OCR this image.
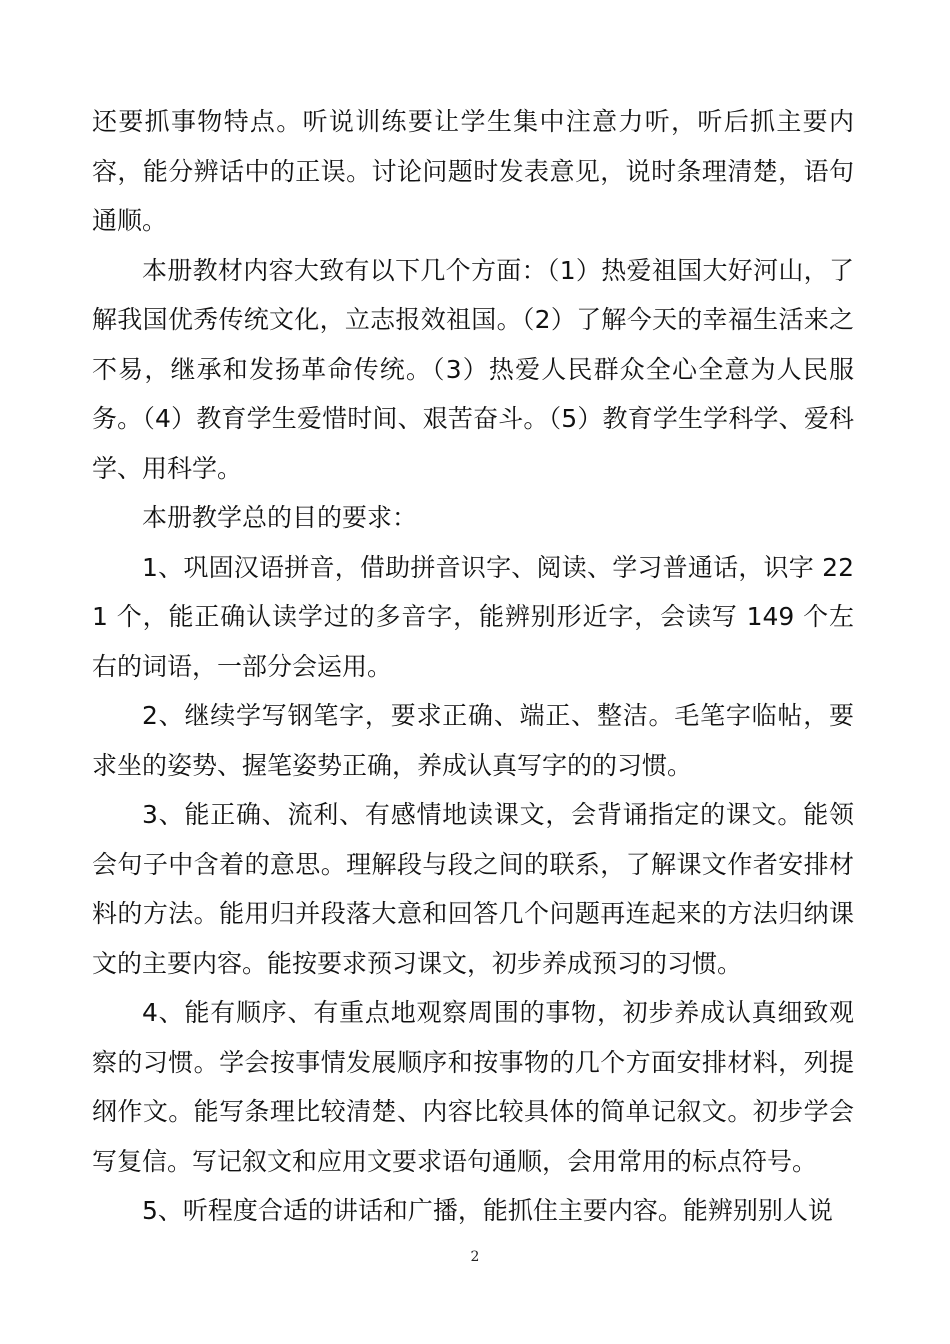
还要抓事物特点。听说训练要让学生集中注意力听，听后抓主要内容，能分辨话中的正误。讨论问题时发表意见，说时条理清楚，语句通顺。

本册教材内容大致有以下几个方面：（1）热爱祖国大好河山，了解我国优秀传统文化，立志报效祖国。（2）了解今天的幸福生活来之不易，继承和发扬革命传统。（3）热爱人民群众全心全意为人民服务。（4）教育学生爱惜时间、艰苦奋斗。（5）教育学生学科学、爱科学、用科学。

本册教学总的目的要求：

1、巩固汉语拼音，借助拼音识字、阅读、学习普通话，识字 221 个，能正确认读学过的多音字，能辨别形近字，会读写 149 个左右的词语，一部分会运用。

2、继续学写钢笔字，要求正确、端正、整洁。毛笔字临帖，要求坐的姿势、握笔姿势正确，养成认真写字的的习惯。

3、能正确、流利、有感情地读课文，会背诵指定的课文。能领会句子中含着的意思。理解段与段之间的联系，了解课文作者安排材料的方法。能用归并段落大意和回答几个问题再连起来的方法归纳课文的主要内容。能按要求预习课文，初步养成预习的习惯。

4、能有顺序、有重点地观察周围的事物，初步养成认真细致观察的习惯。学会按事情发展顺序和按事物的几个方面安排材料，列提纲作文。能写条理比较清楚、内容比较具体的简单记叙文。初步学会写复信。写记叙文和应用文要求语句通顺，会用常用的标点符号。

5、听程度合适的讲话和广播，能抓住主要内容。能辨别别人说

2
